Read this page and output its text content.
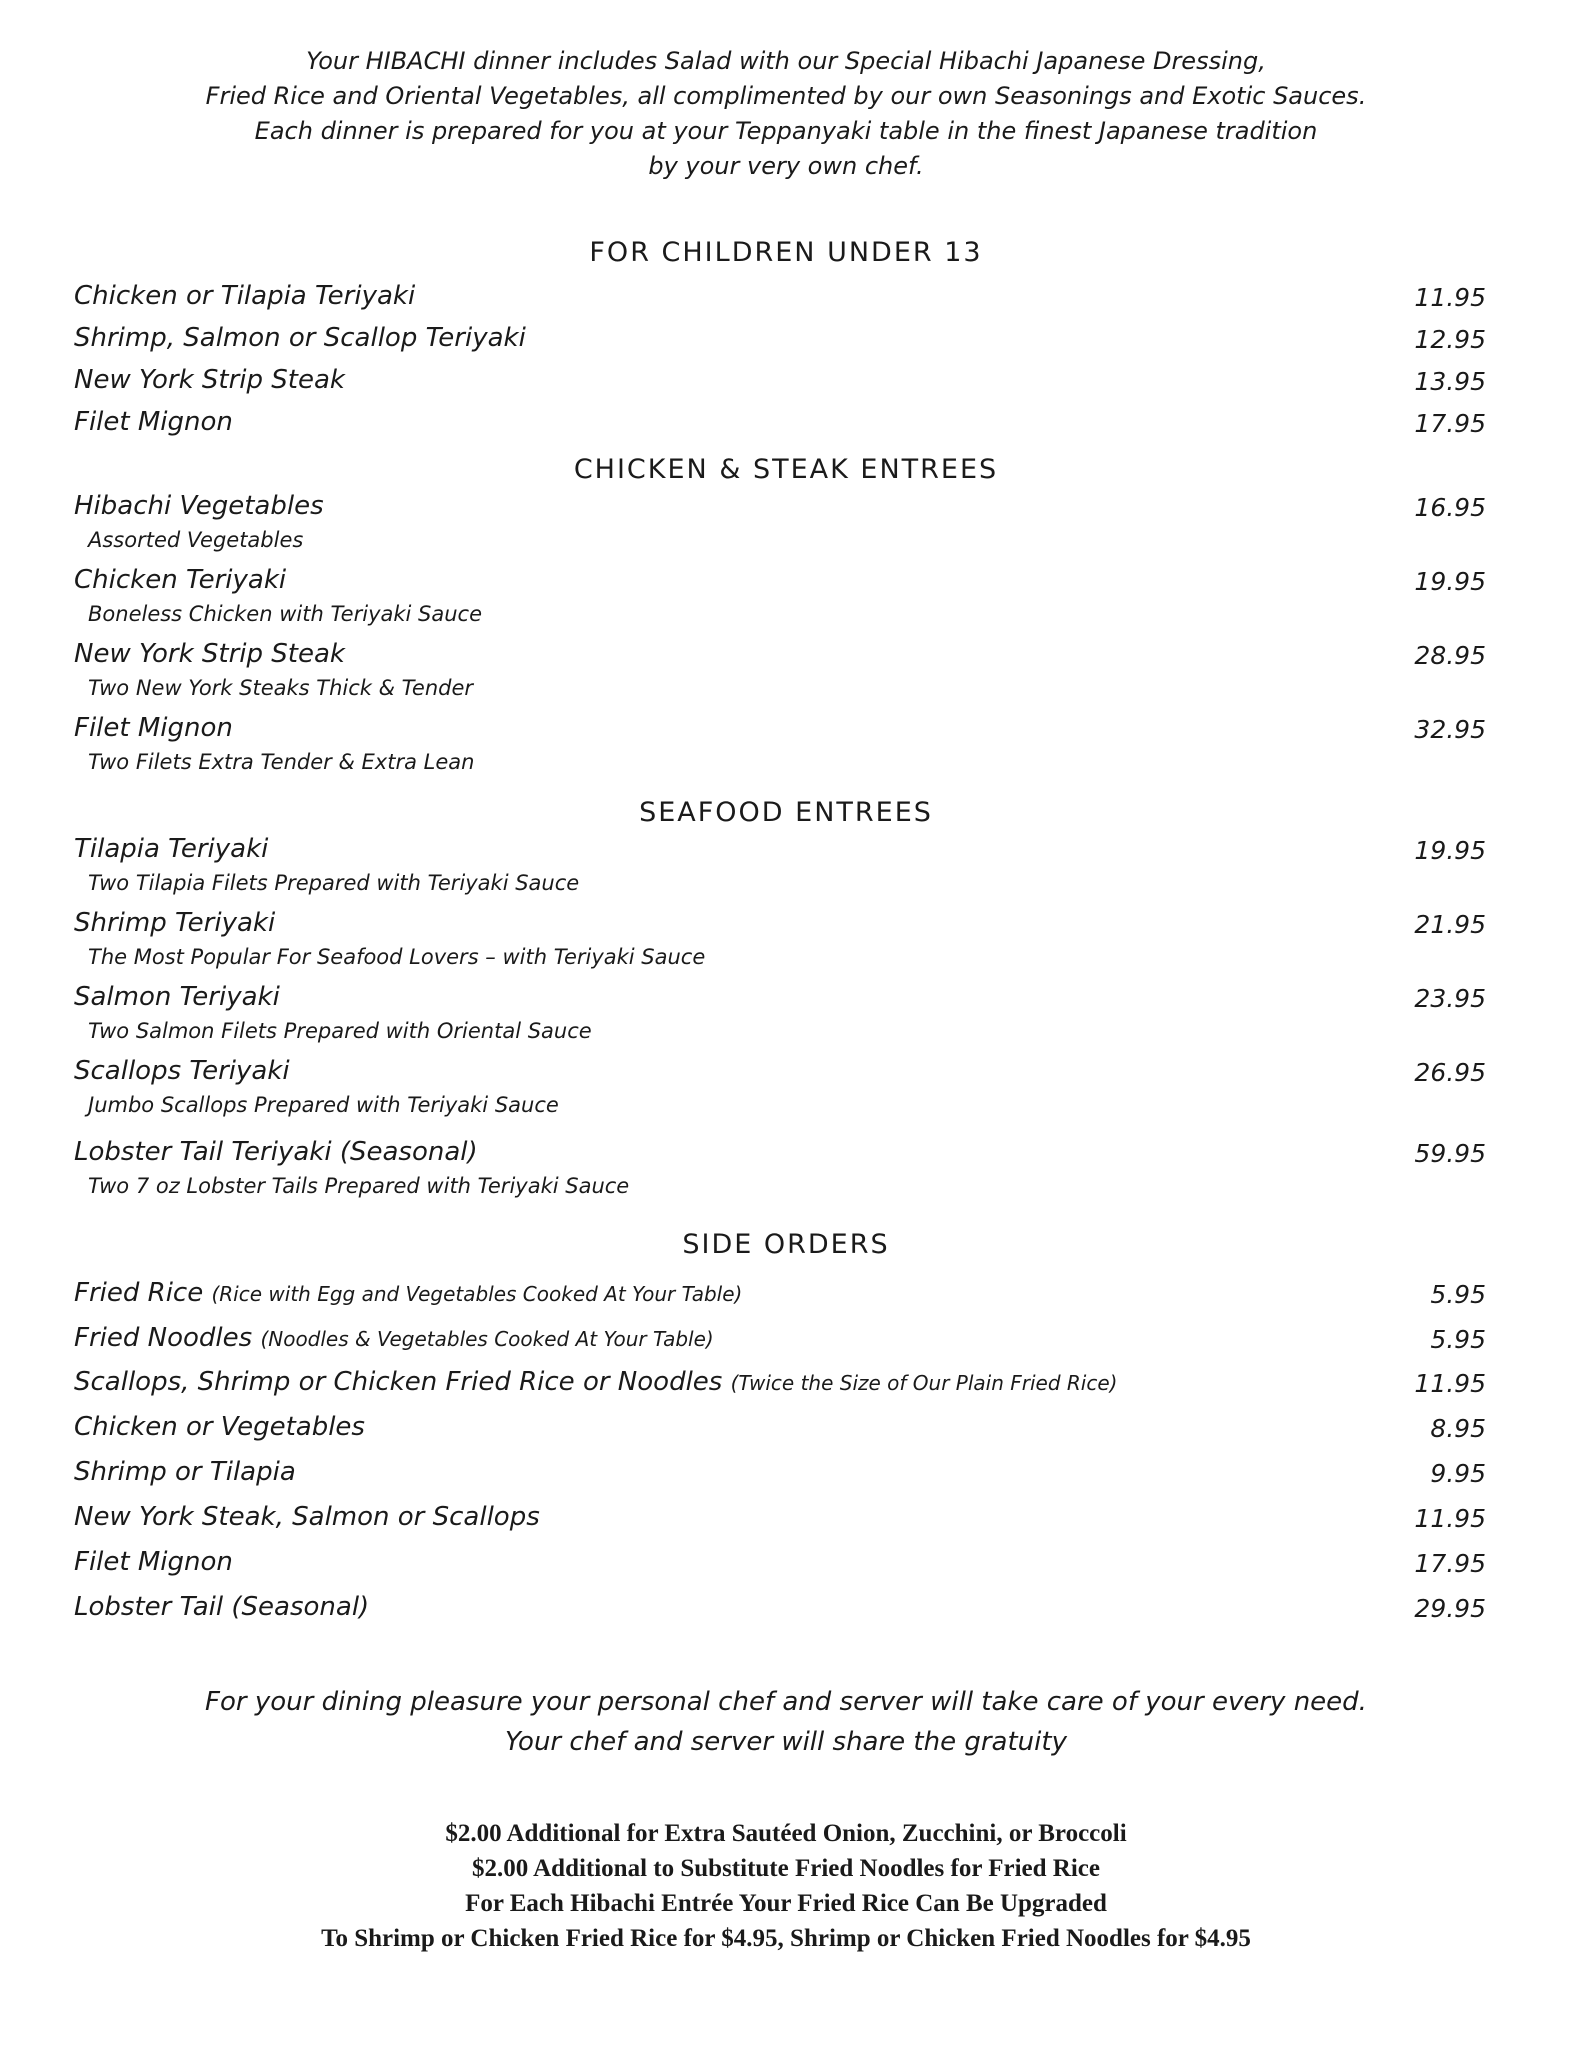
Your HIBACHI dinner includes Salad with our Special Hibachi Japanese Dressing,
Fried Rice and Oriental Vegetables, all complimented by our own Seasonings and Exotic Sauces.
Each dinner is prepared for you at your Teppanyaki table in the finest Japanese tradition
by your very own chef.
FOR CHILDREN UNDER 13
Chicken or Tilapia Teriyaki	11.95
Shrimp, Salmon or Scallop Teriyaki	12.95
New York Strip Steak	13.95
Filet Mignon	17.95
CHICKEN & STEAK ENTREES
Hibachi Vegetables	16.95
Assorted Vegetables
Chicken Teriyaki	19.95
Boneless Chicken with Teriyaki Sauce
New York Strip Steak	28.95
Two New York Steaks Thick & Tender
Filet Mignon	32.95
Two Filets Extra Tender & Extra Lean
SEAFOOD ENTREES
Tilapia Teriyaki	19.95
Two Tilapia Filets Prepared with Teriyaki Sauce
Shrimp Teriyaki	21.95
The Most Popular For Seafood Lovers – with Teriyaki Sauce
Salmon Teriyaki	23.95
Two Salmon Filets Prepared with Oriental Sauce
Scallops Teriyaki	26.95
Jumbo Scallops Prepared with Teriyaki Sauce
Lobster Tail Teriyaki (Seasonal)	59.95
Two 7 oz Lobster Tails Prepared with Teriyaki Sauce
SIDE ORDERS
Fried Rice (Rice with Egg and Vegetables Cooked At Your Table)	5.95
Fried Noodles (Noodles & Vegetables Cooked At Your Table)	5.95
Scallops, Shrimp or Chicken Fried Rice or Noodles (Twice the Size of Our Plain Fried Rice)	11.95
Chicken or Vegetables	8.95
Shrimp or Tilapia	9.95
New York Steak, Salmon or Scallops	11.95
Filet Mignon	17.95
Lobster Tail (Seasonal)	29.95
For your dining pleasure your personal chef and server will take care of your every need.
Your chef and server will share the gratuity
$2.00 Additional for Extra Sautéed Onion, Zucchini, or Broccoli
$2.00 Additional to Substitute Fried Noodles for Fried Rice
For Each Hibachi Entrée Your Fried Rice Can Be Upgraded
To Shrimp or Chicken Fried Rice for $4.95, Shrimp or Chicken Fried Noodles for $4.95
